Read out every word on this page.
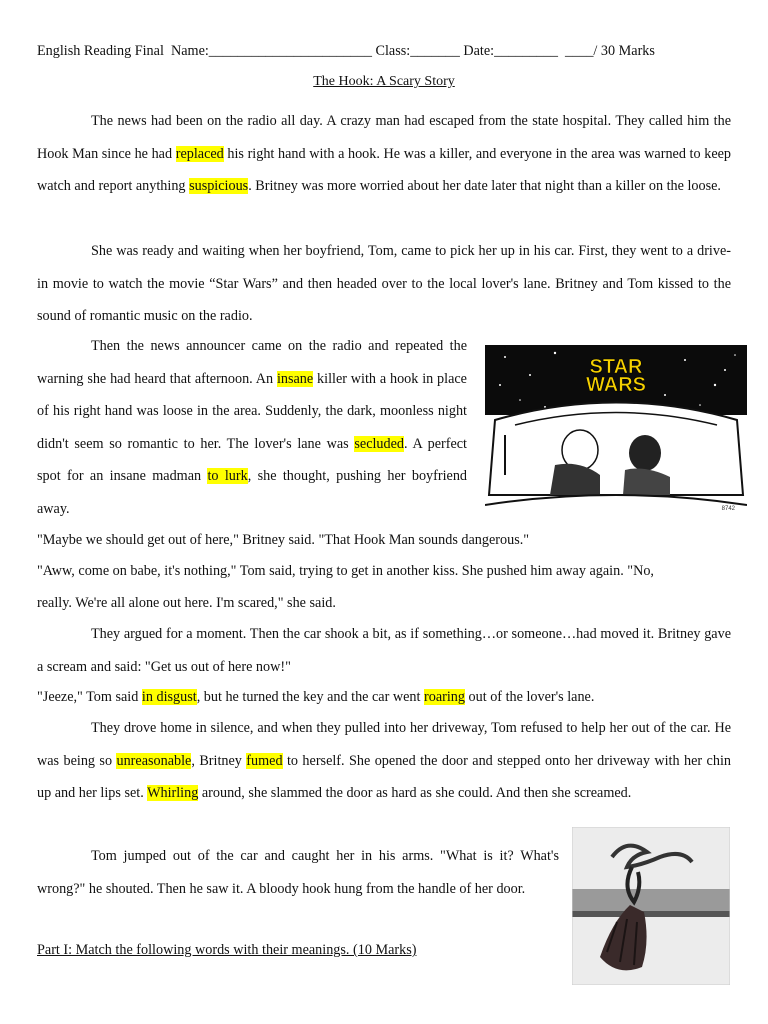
English Reading Final  Name:_______________________ Class:_______ Date:_________  ____/ 30 Marks
The Hook: A Scary Story
The news had been on the radio all day. A crazy man had escaped from the state hospital. They called him the Hook Man since he had replaced his right hand with a hook. He was a killer, and everyone in the area was warned to keep watch and report anything suspicious. Britney was more worried about her date later that night than a killer on the loose.
She was ready and waiting when her boyfriend, Tom, came to pick her up in his car. First, they went to a drive-in movie to watch the movie “Star Wars” and then headed over to the local lover's lane. Britney and Tom kissed to the sound of romantic music on the radio.
Then the news announcer came on the radio and repeated the warning she had heard that afternoon. An insane killer with a hook in place of his right hand was loose in the area. Suddenly, the dark, moonless night didn't seem so romantic to her. The lover's lane was secluded. A perfect spot for an insane madman to lurk, she thought, pushing her boyfriend away.
STAR
WARS
8742
"Maybe we should get out of here," Britney said. "That Hook Man sounds dangerous."
"Aww, come on babe, it's nothing," Tom said, trying to get in another kiss. She pushed him away again. "No,
really. We're all alone out here. I'm scared," she said.
They argued for a moment. Then the car shook a bit, as if something…or someone…had moved it. Britney gave a scream and said: "Get us out of here now!"
"Jeeze," Tom said in disgust, but he turned the key and the car went roaring out of the lover's lane.
They drove home in silence, and when they pulled into her driveway, Tom refused to help her out of the car. He was being so unreasonable, Britney fumed to herself. She opened the door and stepped onto her driveway with her chin up and her lips set. Whirling around, she slammed the door as hard as she could. And then she screamed.
Tom jumped out of the car and caught her in his arms. "What is it? What's wrong?" he shouted. Then he saw it. A bloody hook hung from the handle of her door.
Part I: Match the following words with their meanings. (10 Marks)
